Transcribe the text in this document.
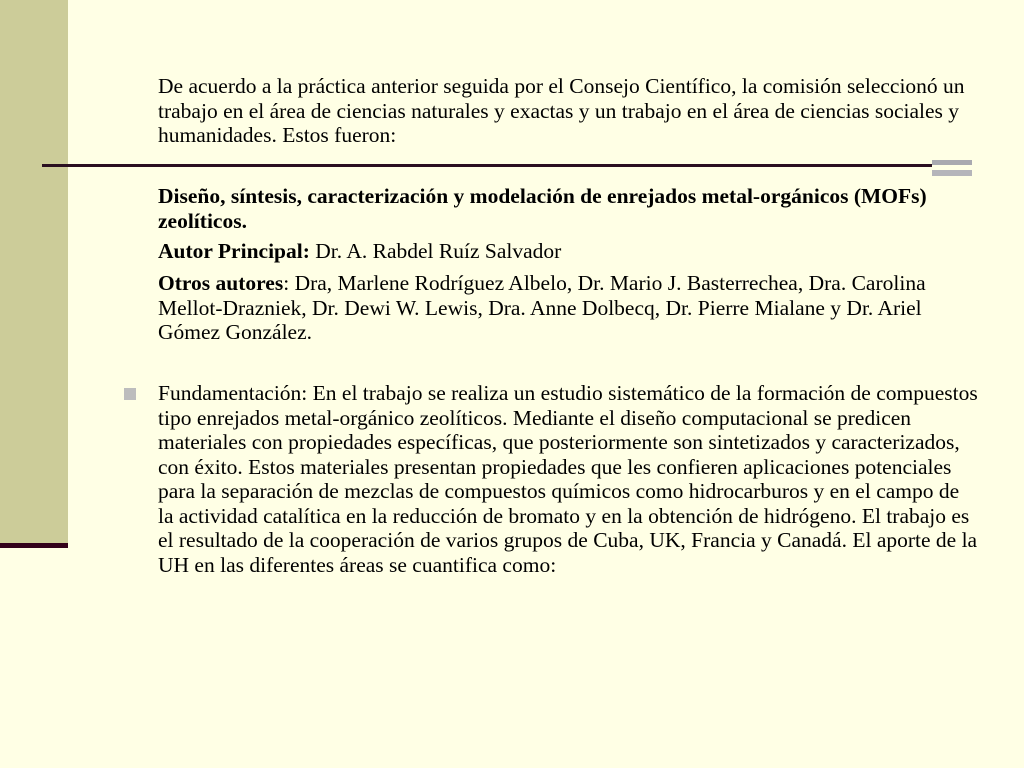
De acuerdo a la práctica anterior seguida por el Consejo Científico, la comisión seleccionó un trabajo en el área de ciencias naturales y exactas y un trabajo en el área de ciencias sociales y humanidades. Estos fueron:

Diseño, síntesis, caracterización y modelación de enrejados metal-orgánicos (MOFs) zeolíticos.

Autor Principal: Dr. A. Rabdel Ruíz Salvador

Otros autores: Dra, Marlene Rodríguez Albelo, Dr. Mario J. Basterrechea, Dra. Carolina Mellot-Drazniek, Dr. Dewi W. Lewis, Dra. Anne Dolbecq, Dr. Pierre Mialane y Dr. Ariel Gómez González.

Fundamentación: En el trabajo se realiza un estudio sistemático de la formación de compuestos tipo enrejados metal-orgánico zeolíticos. Mediante el diseño computacional se predicen materiales con propiedades específicas, que posteriormente son sintetizados y caracterizados, con éxito. Estos materiales presentan propiedades que les confieren aplicaciones potenciales para la separación de mezclas de compuestos químicos como hidrocarburos y en el campo de la actividad catalítica en la reducción de bromato y en la obtención de hidrógeno. El trabajo es el resultado de la cooperación de varios grupos de Cuba, UK, Francia y Canadá. El aporte de la UH en las diferentes áreas se cuantifica como:
